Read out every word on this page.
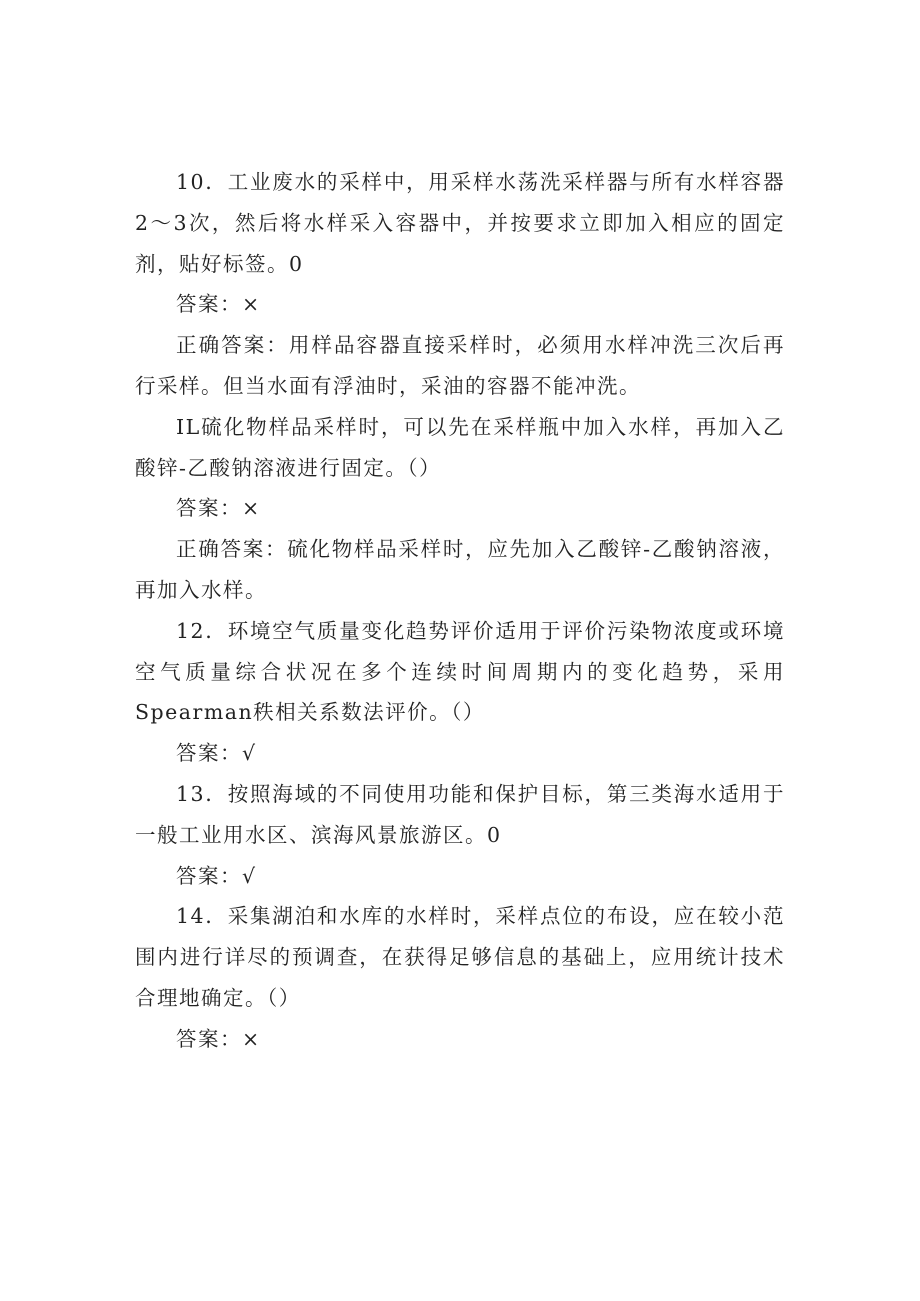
10．工业废水的采样中，用采样水荡洗采样器与所有水样容器2～3次，然后将水样采入容器中，并按要求立即加入相应的固定剂，贴好标签。0

答案：×

正确答案：用样品容器直接采样时，必须用水样冲洗三次后再行采样。但当水面有浮油时，采油的容器不能冲洗。

IL硫化物样品采样时，可以先在采样瓶中加入水样，再加入乙酸锌-乙酸钠溶液进行固定。（）

答案：×

正确答案：硫化物样品采样时，应先加入乙酸锌-乙酸钠溶液，再加入水样。

12．环境空气质量变化趋势评价适用于评价污染物浓度或环境空气质量综合状况在多个连续时间周期内的变化趋势，采用Spearman秩相关系数法评价。（）

答案：√

13．按照海域的不同使用功能和保护目标，第三类海水适用于一般工业用水区、滨海风景旅游区。0

答案：√

14．采集湖泊和水库的水样时，采样点位的布设，应在较小范围内进行详尽的预调查，在获得足够信息的基础上，应用统计技术合理地确定。（）

答案：×
